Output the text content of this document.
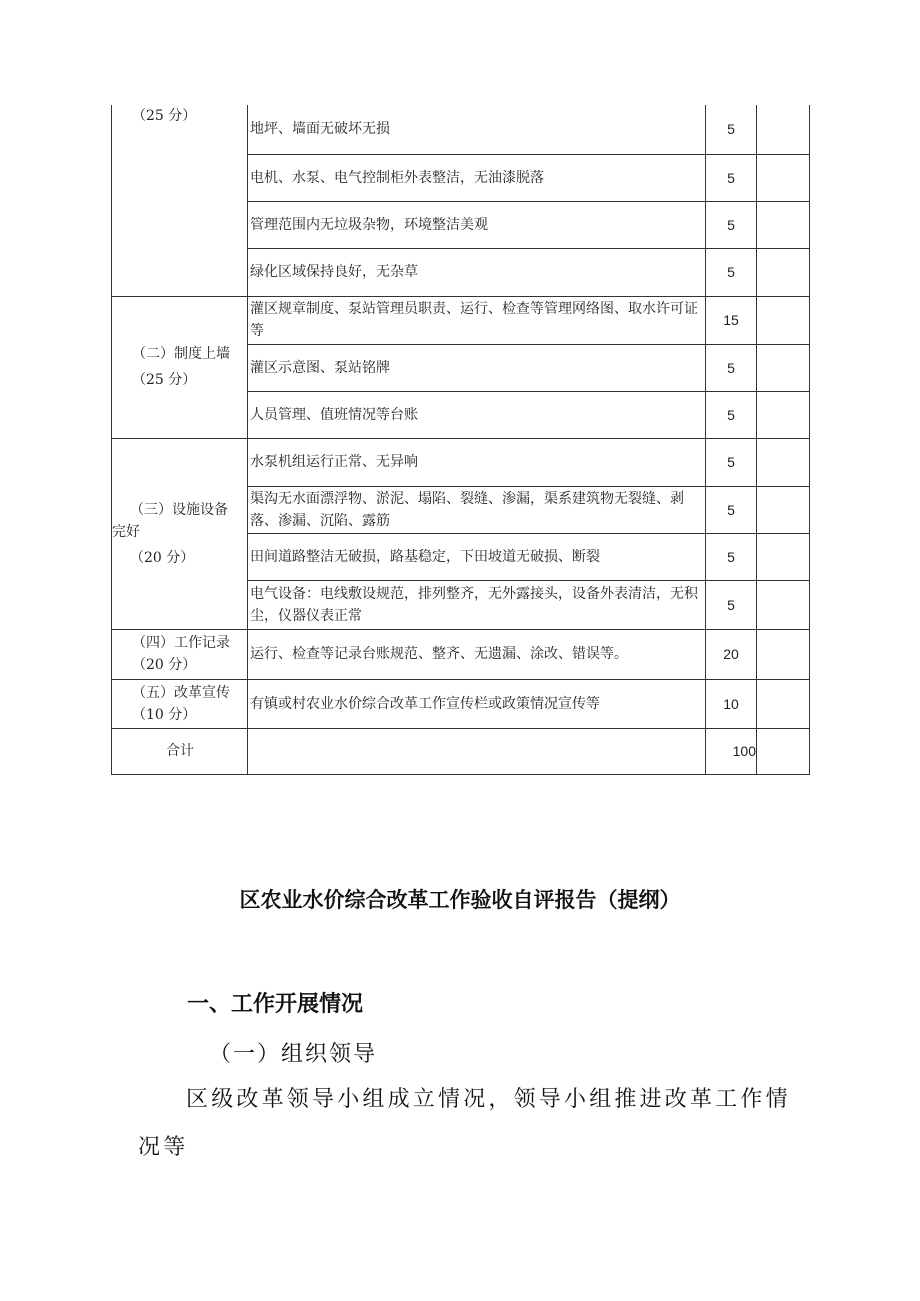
（25 分）	地坪、墙面无破坏无损	5	
	电机、水泵、电气控制柜外表整洁，无油漆脱落	5	
	管理范围内无垃圾杂物，环境整洁美观	5	
	绿化区域保持良好，无杂草	5	

（二）制度上墙
（25 分）	灌区规章制度、泵站管理员职责、运行、检查等管理网络图、取水许可证等	15	
	灌区示意图、泵站铭牌	5	
	人员管理、值班情况等台账	5	

（三）设施设备
完好
（20 分）	水泵机组运行正常、无异响	5	
	渠沟无水面漂浮物、淤泥、塌陷、裂缝、渗漏，渠系建筑物无裂缝、剥落、渗漏、沉陷、露筋	5	
	田间道路整洁无破损，路基稳定，下田坡道无破损、断裂	5	
	电气设备：电线敷设规范，排列整齐，无外露接头，设备外表清洁，无积尘，仪器仪表正常	5	

（四）工作记录
（20 分）	运行、检查等记录台账规范、整齐、无遗漏、涂改、错误等。	20	

（五）改革宣传
（10 分）	有镇或村农业水价综合改革工作宣传栏或政策情况宣传等	10	
合计		100	
区农业水价综合改革工作验收自评报告（提纲）
一、工作开展情况
（一）组织领导
区级改革领导小组成立情况，领导小组推进改革工作情
况等
